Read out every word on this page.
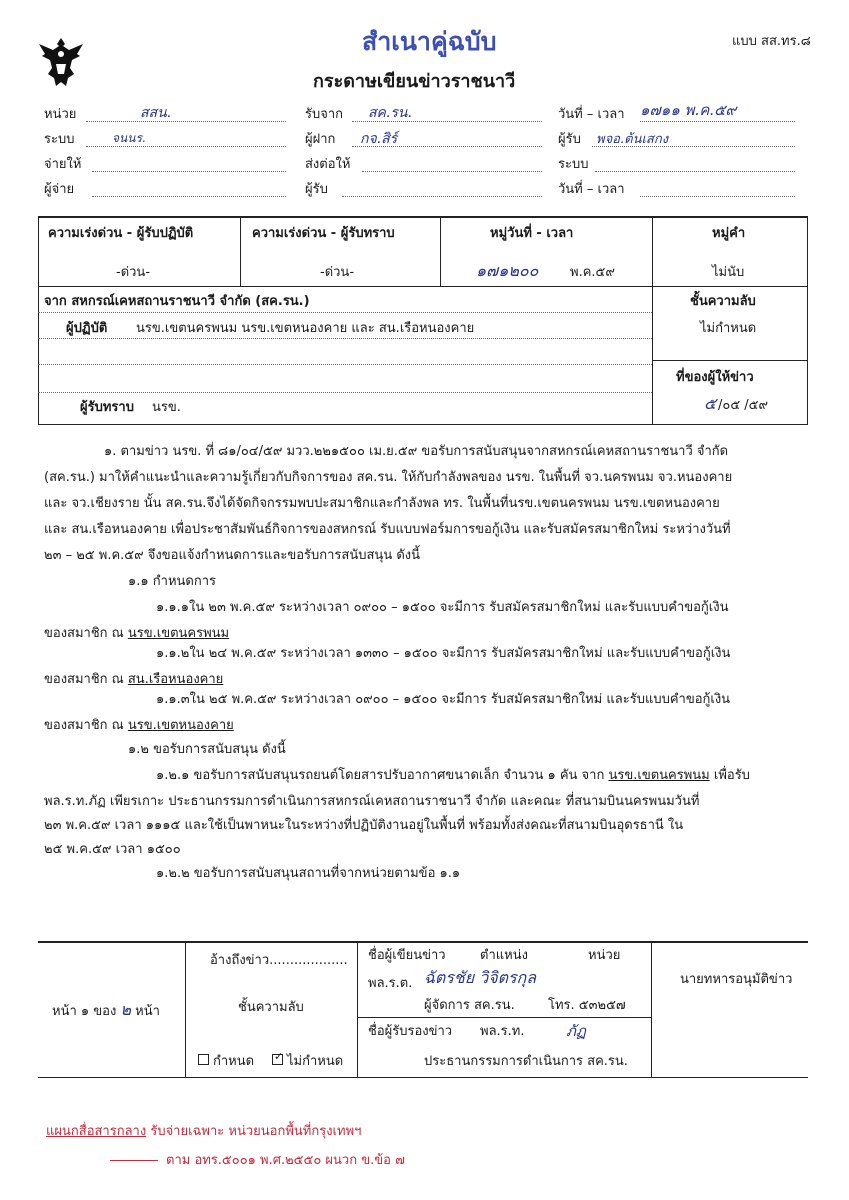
สำเนาคู่ฉบับ	แบบ สส.ทร.๘
กระดาษเขียนข่าวราชนาวี
หน่วย	สสน.	รับจาก สค.รน.	วันที่ – เวลา ๑๗๑๑ พ.ค.๕๙
ระบบ	จนนร.	ผู้ฝาก กจ.สิร์	ผู้รับ พจอ.ต้นเสกง
จ่ายให้	ส่งต่อให้	ระบบ
ผู้จ่าย	ผู้รับ	วันที่ – เวลา
ความเร่งด่วน - ผู้รับปฏิบัติ	ความเร่งด่วน - ผู้รับทราบ	หมู่วันที่ - เวลา	หมู่คำ
-ด่วน-	-ด่วน-	๑๗๑๒๐๐ พ.ค.๕๙	ไม่นับ
จาก สหกรณ์เคหสถานราชนาวี จำกัด (สค.รน.)
ผู้ปฏิบัติ นรข.เขตนครพนม นรข.เขตหนองคาย และ สน.เรือหนองคาย
ผู้รับทราบ นรข.
ชั้นความลับ
ไม่กำหนด
ที่ของผู้ให้ข่าว
๕ /๐๕ /๕๙
๑. ตามข่าว นรข. ที่ ๘๑/๐๔/๕๙ มวว.๒๒๑๕๐๐ เม.ย.๕๙ ขอรับการสนับสนุนจากสหกรณ์เคหสถานราชนาวี จำกัด
(สค.รน.) มาให้คำแนะนำและความรู้เกี่ยวกับกิจการของ สค.รน. ให้กับกำลังพลของ นรข. ในพื้นที่ จว.นครพนม จว.หนองคาย
และ จว.เชียงราย นั้น สค.รน.จึงได้จัดกิจกรรมพบปะสมาชิกและกำลังพล ทร. ในพื้นที่นรข.เขตนครพนม นรข.เขตหนองคาย
และ สน.เรือหนองคาย เพื่อประชาสัมพันธ์กิจการของสหกรณ์ รับแบบฟอร์มการขอกู้เงิน และรับสมัครสมาชิกใหม่ ระหว่างวันที่
๒๓ – ๒๕ พ.ค.๕๙ จึงขอแจ้งกำหนดการและขอรับการสนับสนุน ดังนี้
๑.๑ กำหนดการ
๑.๑.๑ใน ๒๓ พ.ค.๕๙ ระหว่างเวลา ๐๙๐๐ – ๑๕๐๐ จะมีการ รับสมัครสมาชิกใหม่ และรับแบบคำขอกู้เงิน
ของสมาชิก ณ นรข.เขตนครพนม
๑.๑.๒ใน ๒๔ พ.ค.๕๙ ระหว่างเวลา ๑๓๓๐ – ๑๕๐๐ จะมีการ รับสมัครสมาชิกใหม่ และรับแบบคำขอกู้เงิน
ของสมาชิก ณ สน.เรือหนองคาย
๑.๑.๓ใน ๒๕ พ.ค.๕๙ ระหว่างเวลา ๐๙๐๐ – ๑๕๐๐ จะมีการ รับสมัครสมาชิกใหม่ และรับแบบคำขอกู้เงิน
ของสมาชิก ณ นรข.เขตหนองคาย
๑.๒ ขอรับการสนับสนุน ดังนี้
๑.๒.๑ ขอรับการสนับสนุนรถยนต์โดยสารปรับอากาศขนาดเล็ก จำนวน ๑ คัน จาก นรข.เขตนครพนม เพื่อรับ
พล.ร.ท.ภัฏ เพียรเกาะ ประธานกรรมการดำเนินการสหกรณ์เคหสถานราชนาวี จำกัด และคณะ ที่สนามบินนครพนมวันที่
๒๓ พ.ค.๕๙ เวลา ๑๑๑๕ และใช้เป็นพาหนะในระหว่างที่ปฏิบัติงานอยู่ในพื้นที่ พร้อมทั้งส่งคณะที่สนามบินอุดรธานี ใน
๒๕ พ.ค.๕๙ เวลา ๑๕๐๐
๑.๒.๒ ขอรับการสนับสนุนสถานที่จากหน่วยตามข้อ ๑.๑
หน้า ๑ ของ ๒ หน้า
อ้างถึงข่าว...................
ชั้นความลับ
กำหนด ✓ ไม่กำหนด
ชื่อผู้เขียนข่าว	ตำแหน่ง	หน่วย
พล.ร.ต. ฉัตรชัย วิจิตรกุล
ผู้จัดการ สค.รน.	โทร. ๕๓๒๕๗
ชื่อผู้รับรองข่าว พล.ร.ท.	ภัฏ
ประธานกรรมการดำเนินการ สค.รน.
นายทหารอนุมัติข่าว
แผนกสื่อสารกลาง รับจ่ายเฉพาะ หน่วยนอกพื้นที่กรุงเทพฯ
ตาม อทร.๕๐๐๑ พ.ศ.๒๕๕๐ ผนวก ข.ข้อ ๗
